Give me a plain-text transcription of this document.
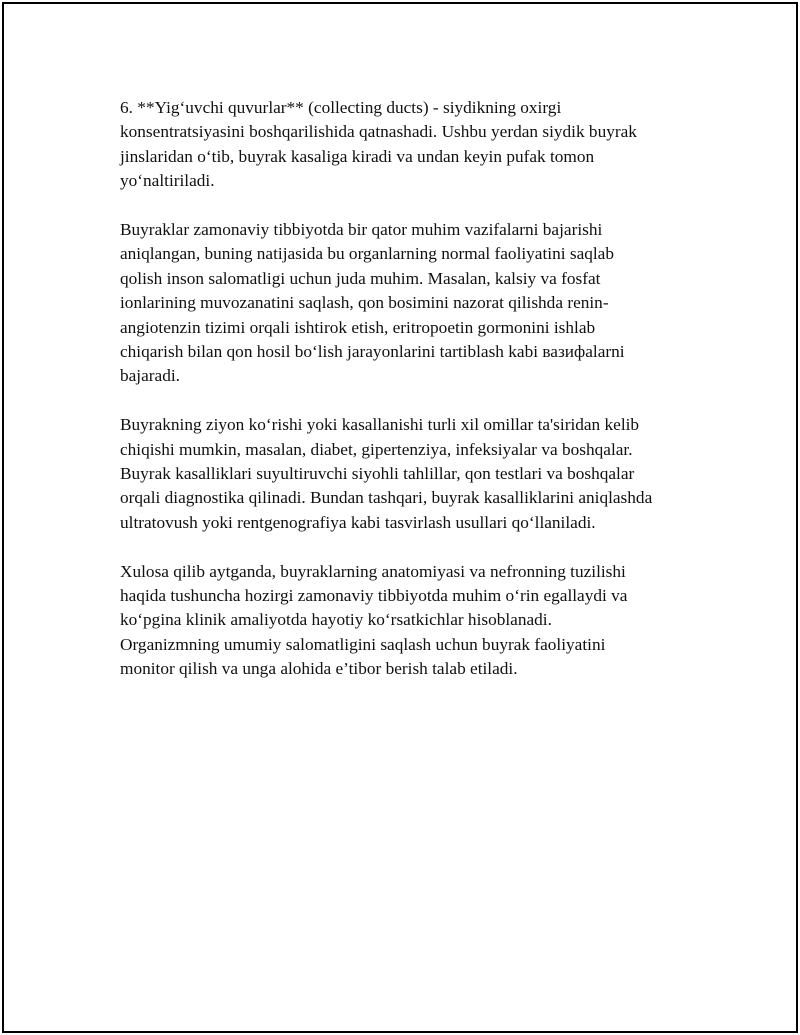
6. **Yig‘uvchi quvurlar** (collecting ducts) - siydikning oxirgi
konsentratsiyasini boshqarilishida qatnashadi. Ushbu yerdan siydik buyrak
jinslaridan o‘tib, buyrak kasaliga kiradi va undan keyin pufak tomon
yo‘naltiriladi.

Buyraklar zamonaviy tibbiyotda bir qator muhim vazifalarni bajarishi
aniqlangan, buning natijasida bu organlarning normal faoliyatini saqlab
qolish inson salomatligi uchun juda muhim. Masalan, kalsiy va fosfat
ionlarining muvozanatini saqlash, qon bosimini nazorat qilishda renin-
angiotenzin tizimi orqali ishtirok etish, eritropoetin gormonini ishlab
chiqarish bilan qon hosil bo‘lish jarayonlarini tartiblash kabi вазифalarni
bajaradi.

Buyrakning ziyon ko‘rishi yoki kasallanishi turli xil omillar ta'siridan kelib
chiqishi mumkin, masalan, diabet, gipertenziya, infeksiyalar va boshqalar.
Buyrak kasalliklari suyultiruvchi siyohli tahlillar, qon testlari va boshqalar
orqali diagnostika qilinadi. Bundan tashqari, buyrak kasalliklarini aniqlashda
ultratovush yoki rentgenografiya kabi tasvirlash usullari qo‘llaniladi.

Xulosa qilib aytganda, buyraklarning anatomiyasi va nefronning tuzilishi
haqida tushuncha hozirgi zamonaviy tibbiyotda muhim o‘rin egallaydi va
ko‘pgina klinik amaliyotda hayotiy ko‘rsatkichlar hisoblanadi.
Organizmning umumiy salomatligini saqlash uchun buyrak faoliyatini
monitor qilish va unga alohida e’tibor berish talab etiladi.
